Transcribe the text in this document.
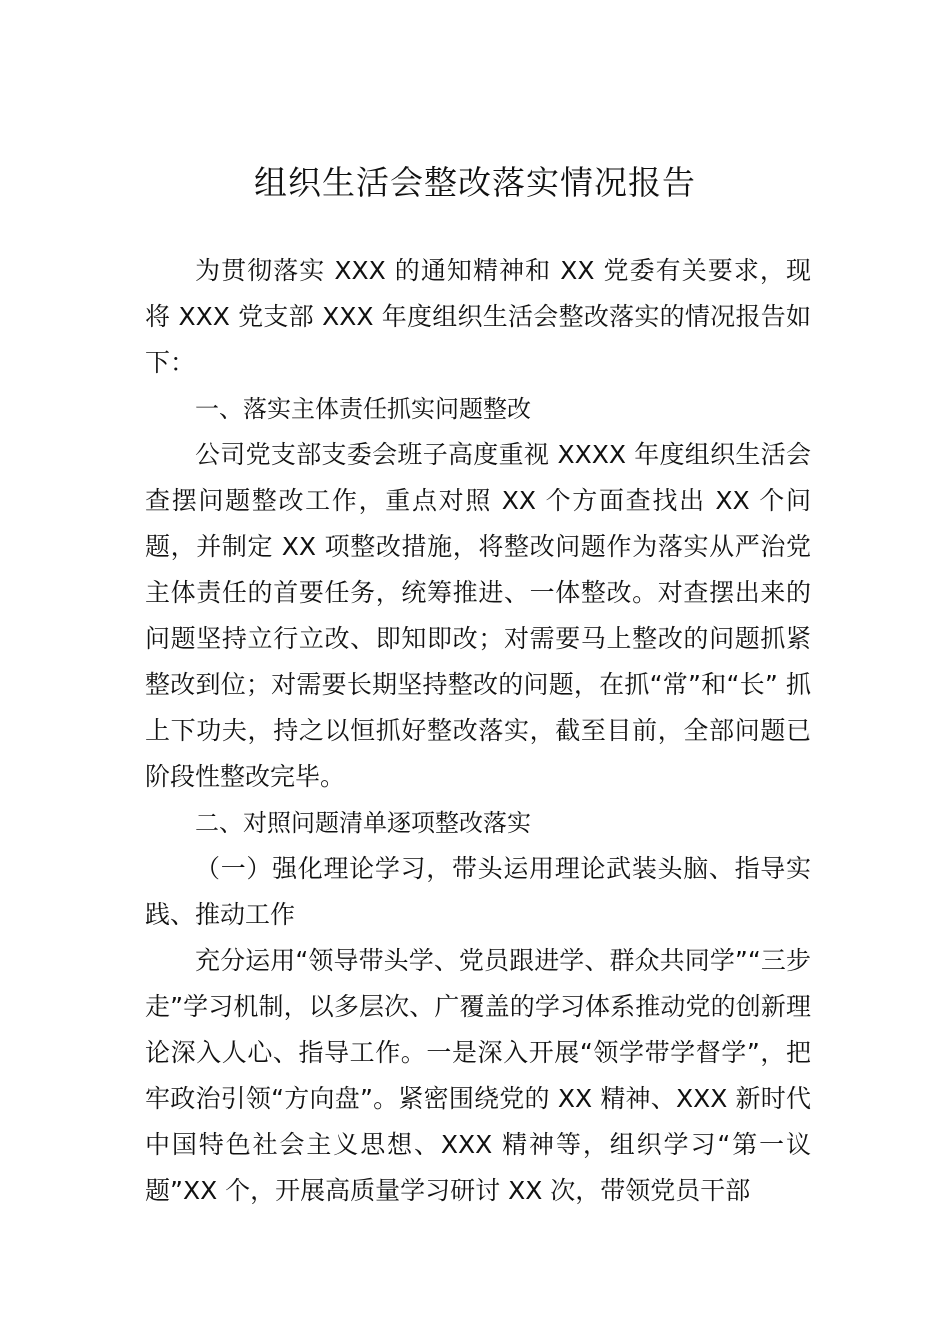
组织生活会整改落实情况报告

为贯彻落实 XXX 的通知精神和 XX 党委有关要求，现将 XXX 党支部 XXX 年度组织生活会整改落实的情况报告如下：

一、落实主体责任抓实问题整改

公司党支部支委会班子高度重视 XXXX 年度组织生活会查摆问题整改工作，重点对照 XX 个方面查找出 XX 个问题，并制定 XX 项整改措施，将整改问题作为落实从严治党主体责任的首要任务，统筹推进、一体整改。对查摆出来的问题坚持立行立改、即知即改；对需要马上整改的问题抓紧整改到位；对需要长期坚持整改的问题，在抓“常”和“长” 抓上下功夫，持之以恒抓好整改落实，截至目前，全部问题已阶段性整改完毕。

二、对照问题清单逐项整改落实

（一）强化理论学习，带头运用理论武装头脑、指导实践、推动工作

充分运用“领导带头学、党员跟进学、群众共同学”“三步走”学习机制，以多层次、广覆盖的学习体系推动党的创新理论深入人心、指导工作。一是深入开展“领学带学督学”，把牢政治引领“方向盘”。紧密围绕党的 XX 精神、XXX 新时代中国特色社会主义思想、XXX 精神等，组织学习“第一议题”XX 个，开展高质量学习研讨 XX 次，带领党员干部
